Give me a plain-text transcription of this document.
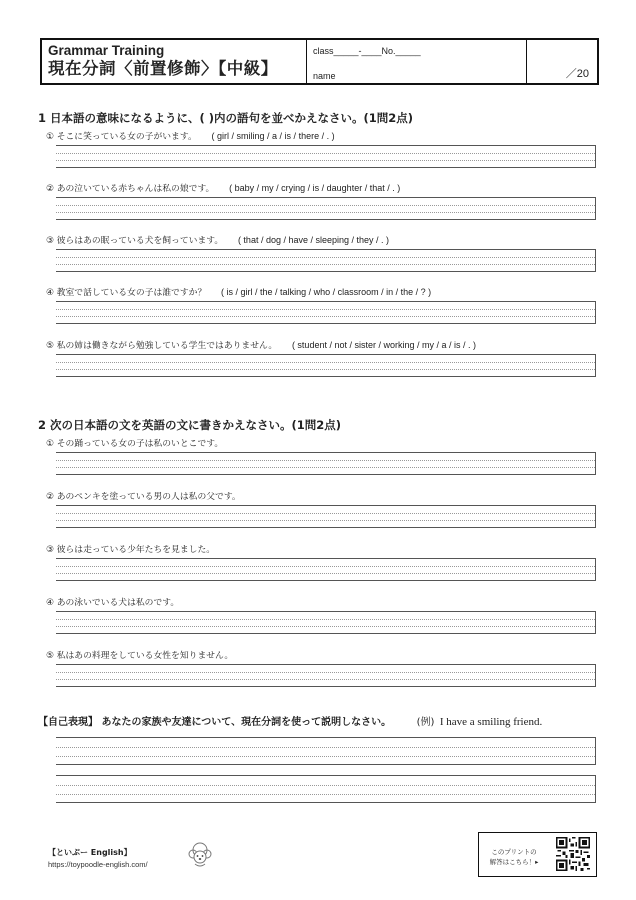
Grammar Training
現在分詞〈前置修飾〉【中級】
class_____-____No._____
name	／20
1 日本語の意味になるように、( )内の語句を並べかえなさい。(1問2点)
① そこに笑っている女の子がいます。 ( girl / smiling / a / is / there / . )
② あの泣いている赤ちゃんは私の娘です。 ( baby / my / crying / is / daughter / that / . )
③ 彼らはあの眠っている犬を飼っています。 ( that / dog / have / sleeping / they / . )
④ 教室で話している女の子は誰ですか？ ( is / girl / the / talking / who / classroom / in / the / ? )
⑤ 私の姉は働きながら勉強している学生ではありません。 ( student / not / sister / working / my / a / is / . )
2 次の日本語の文を英語の文に書きかえなさい。(1問2点)
① その踊っている女の子は私のいとこです。
② あのペンキを塗っている男の人は私の父です。
③ 彼らは走っている少年たちを見ました。
④ あの泳いでいる犬は私のです。
⑤ 私はあの料理をしている女性を知りません。
【自己表現】 あなたの家族や友達について、現在分詞を使って説明しなさい。	(例) I have a smiling friend.
【といぷー English】
https://toypoodle-english.com/
このプリントの
解答はこちら！▸
